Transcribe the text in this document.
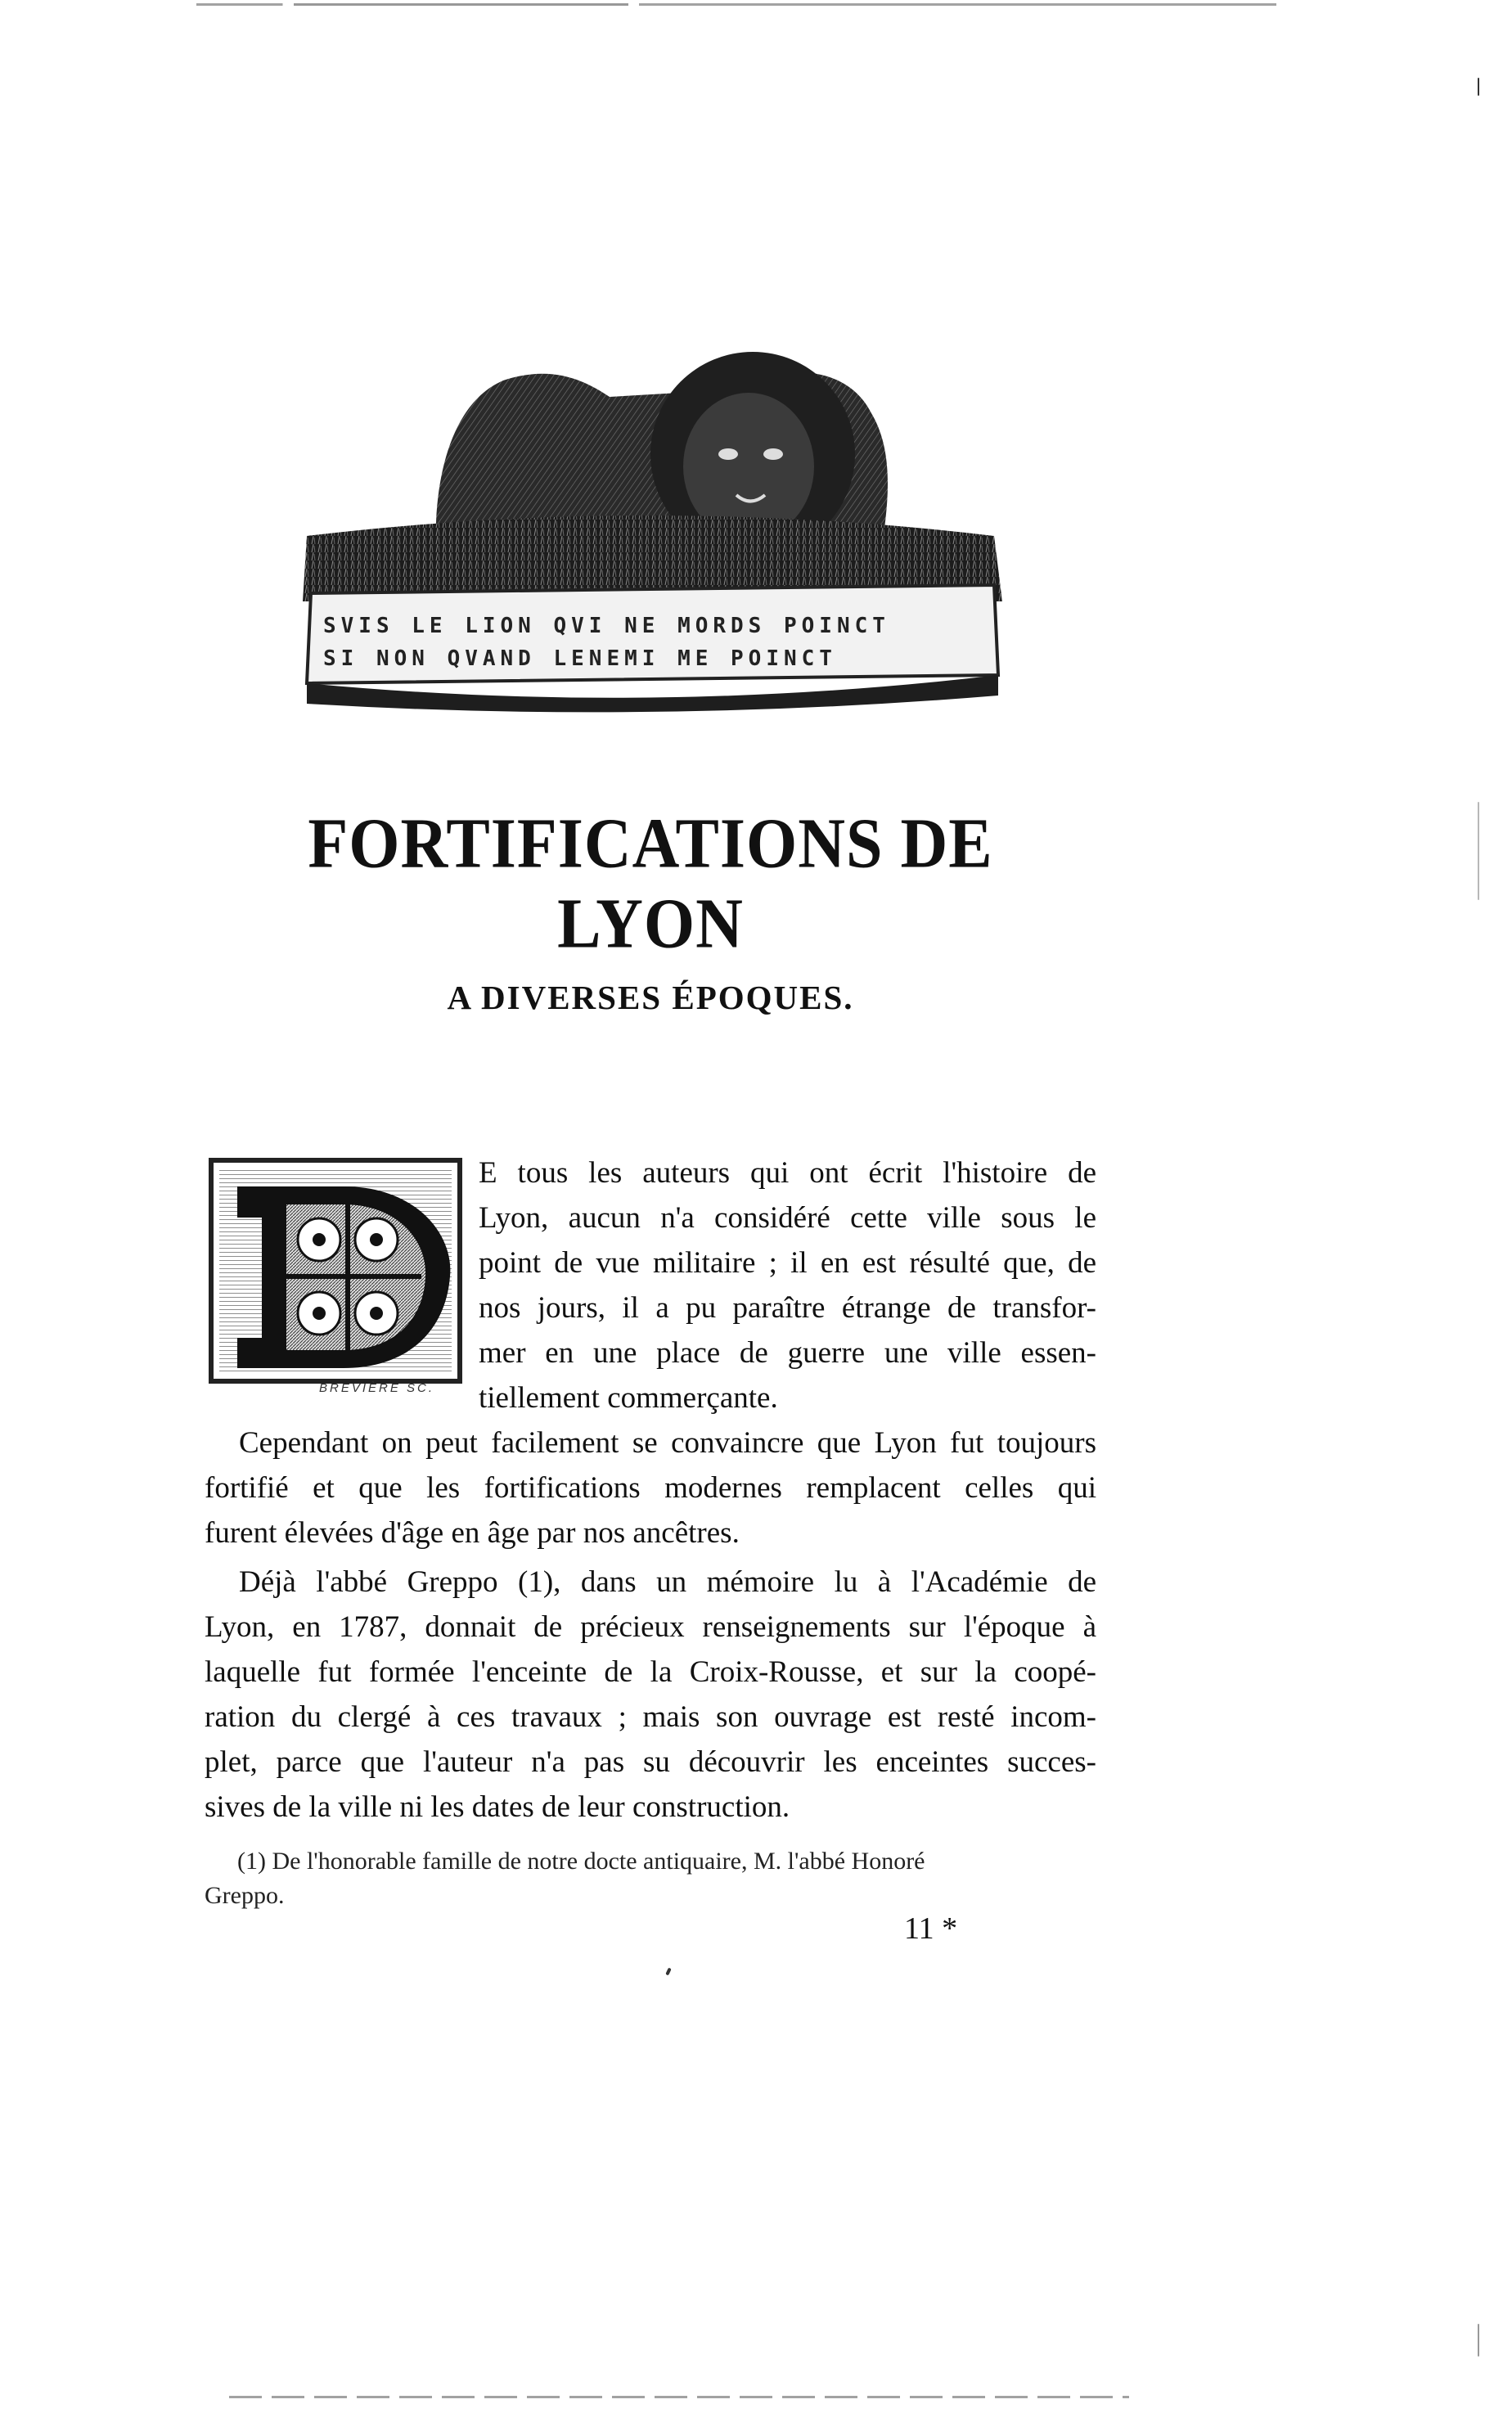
SVIS LE LION QVI NE MORDS POINCT
SI NON QVAND LENEMI ME POINCT
FORTIFICATIONS DE LYON
A DIVERSES ÉPOQUES.
BREVIÈRE SC.

E tous les auteurs qui ont écrit l'histoire de

Lyon, aucun n'a considéré cette ville sous le

point de vue militaire ; il en est résulté que, de

nos jours, il a pu paraître étrange de transfor-

mer en une place de guerre une ville essen-

tiellement commerçante.

Cependant on peut facilement se convaincre que Lyon fut toujours

fortifié et que les fortifications modernes remplacent celles qui

furent élevées d'âge en âge par nos ancêtres.

Déjà l'abbé Greppo (1), dans un mémoire lu à l'Académie de

Lyon, en 1787, donnait de précieux renseignements sur l'époque à

laquelle fut formée l'enceinte de la Croix-Rousse, et sur la coopé-

ration du clergé à ces travaux ; mais son ouvrage est resté incom-

plet, parce que l'auteur n'a pas su découvrir les enceintes succes-

sives de la ville ni les dates de leur construction.

(1) De l'honorable famille de notre docte antiquaire, M. l'abbé Honoré

Greppo.

11 *
